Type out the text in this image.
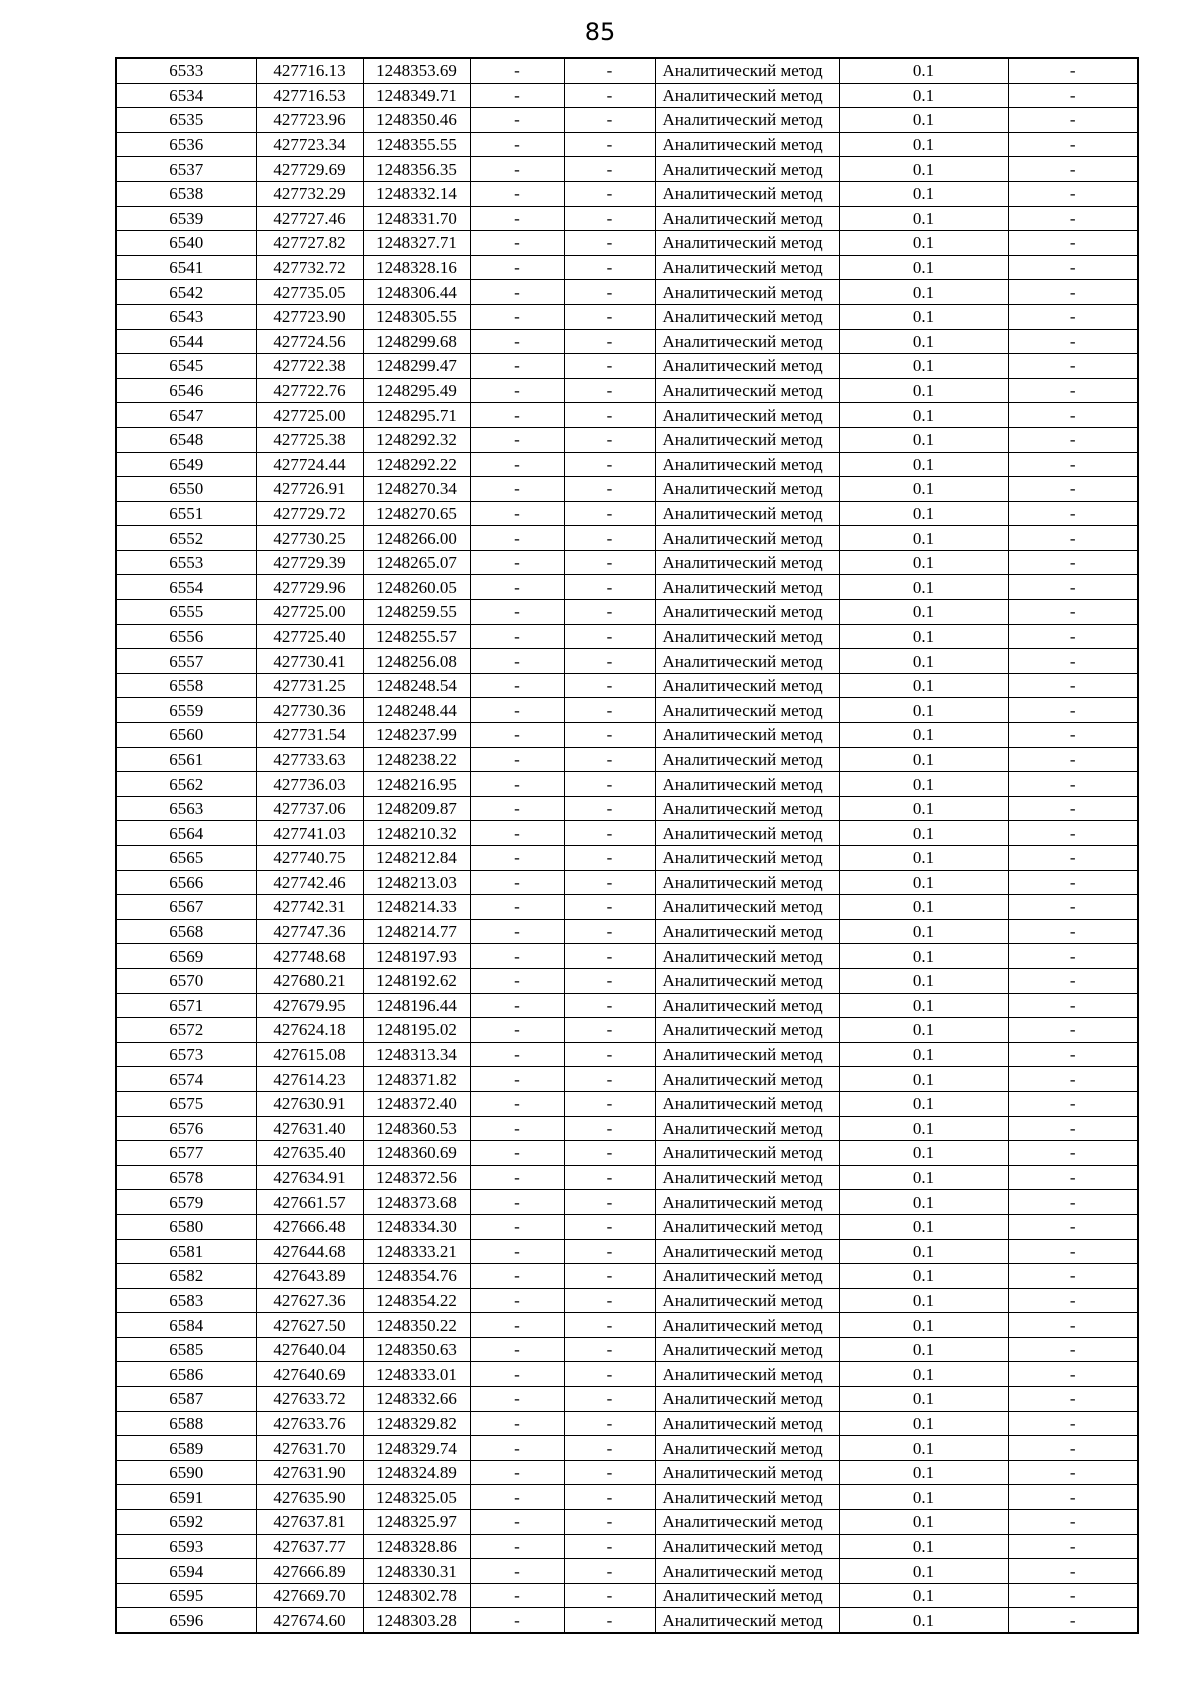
85
6533	427716.13	1248353.69	-	-	Аналитический метод	0.1	-
6534	427716.53	1248349.71	-	-	Аналитический метод	0.1	-
6535	427723.96	1248350.46	-	-	Аналитический метод	0.1	-
6536	427723.34	1248355.55	-	-	Аналитический метод	0.1	-
6537	427729.69	1248356.35	-	-	Аналитический метод	0.1	-
6538	427732.29	1248332.14	-	-	Аналитический метод	0.1	-
6539	427727.46	1248331.70	-	-	Аналитический метод	0.1	-
6540	427727.82	1248327.71	-	-	Аналитический метод	0.1	-
6541	427732.72	1248328.16	-	-	Аналитический метод	0.1	-
6542	427735.05	1248306.44	-	-	Аналитический метод	0.1	-
6543	427723.90	1248305.55	-	-	Аналитический метод	0.1	-
6544	427724.56	1248299.68	-	-	Аналитический метод	0.1	-
6545	427722.38	1248299.47	-	-	Аналитический метод	0.1	-
6546	427722.76	1248295.49	-	-	Аналитический метод	0.1	-
6547	427725.00	1248295.71	-	-	Аналитический метод	0.1	-
6548	427725.38	1248292.32	-	-	Аналитический метод	0.1	-
6549	427724.44	1248292.22	-	-	Аналитический метод	0.1	-
6550	427726.91	1248270.34	-	-	Аналитический метод	0.1	-
6551	427729.72	1248270.65	-	-	Аналитический метод	0.1	-
6552	427730.25	1248266.00	-	-	Аналитический метод	0.1	-
6553	427729.39	1248265.07	-	-	Аналитический метод	0.1	-
6554	427729.96	1248260.05	-	-	Аналитический метод	0.1	-
6555	427725.00	1248259.55	-	-	Аналитический метод	0.1	-
6556	427725.40	1248255.57	-	-	Аналитический метод	0.1	-
6557	427730.41	1248256.08	-	-	Аналитический метод	0.1	-
6558	427731.25	1248248.54	-	-	Аналитический метод	0.1	-
6559	427730.36	1248248.44	-	-	Аналитический метод	0.1	-
6560	427731.54	1248237.99	-	-	Аналитический метод	0.1	-
6561	427733.63	1248238.22	-	-	Аналитический метод	0.1	-
6562	427736.03	1248216.95	-	-	Аналитический метод	0.1	-
6563	427737.06	1248209.87	-	-	Аналитический метод	0.1	-
6564	427741.03	1248210.32	-	-	Аналитический метод	0.1	-
6565	427740.75	1248212.84	-	-	Аналитический метод	0.1	-
6566	427742.46	1248213.03	-	-	Аналитический метод	0.1	-
6567	427742.31	1248214.33	-	-	Аналитический метод	0.1	-
6568	427747.36	1248214.77	-	-	Аналитический метод	0.1	-
6569	427748.68	1248197.93	-	-	Аналитический метод	0.1	-
6570	427680.21	1248192.62	-	-	Аналитический метод	0.1	-
6571	427679.95	1248196.44	-	-	Аналитический метод	0.1	-
6572	427624.18	1248195.02	-	-	Аналитический метод	0.1	-
6573	427615.08	1248313.34	-	-	Аналитический метод	0.1	-
6574	427614.23	1248371.82	-	-	Аналитический метод	0.1	-
6575	427630.91	1248372.40	-	-	Аналитический метод	0.1	-
6576	427631.40	1248360.53	-	-	Аналитический метод	0.1	-
6577	427635.40	1248360.69	-	-	Аналитический метод	0.1	-
6578	427634.91	1248372.56	-	-	Аналитический метод	0.1	-
6579	427661.57	1248373.68	-	-	Аналитический метод	0.1	-
6580	427666.48	1248334.30	-	-	Аналитический метод	0.1	-
6581	427644.68	1248333.21	-	-	Аналитический метод	0.1	-
6582	427643.89	1248354.76	-	-	Аналитический метод	0.1	-
6583	427627.36	1248354.22	-	-	Аналитический метод	0.1	-
6584	427627.50	1248350.22	-	-	Аналитический метод	0.1	-
6585	427640.04	1248350.63	-	-	Аналитический метод	0.1	-
6586	427640.69	1248333.01	-	-	Аналитический метод	0.1	-
6587	427633.72	1248332.66	-	-	Аналитический метод	0.1	-
6588	427633.76	1248329.82	-	-	Аналитический метод	0.1	-
6589	427631.70	1248329.74	-	-	Аналитический метод	0.1	-
6590	427631.90	1248324.89	-	-	Аналитический метод	0.1	-
6591	427635.90	1248325.05	-	-	Аналитический метод	0.1	-
6592	427637.81	1248325.97	-	-	Аналитический метод	0.1	-
6593	427637.77	1248328.86	-	-	Аналитический метод	0.1	-
6594	427666.89	1248330.31	-	-	Аналитический метод	0.1	-
6595	427669.70	1248302.78	-	-	Аналитический метод	0.1	-
6596	427674.60	1248303.28	-	-	Аналитический метод	0.1	-
